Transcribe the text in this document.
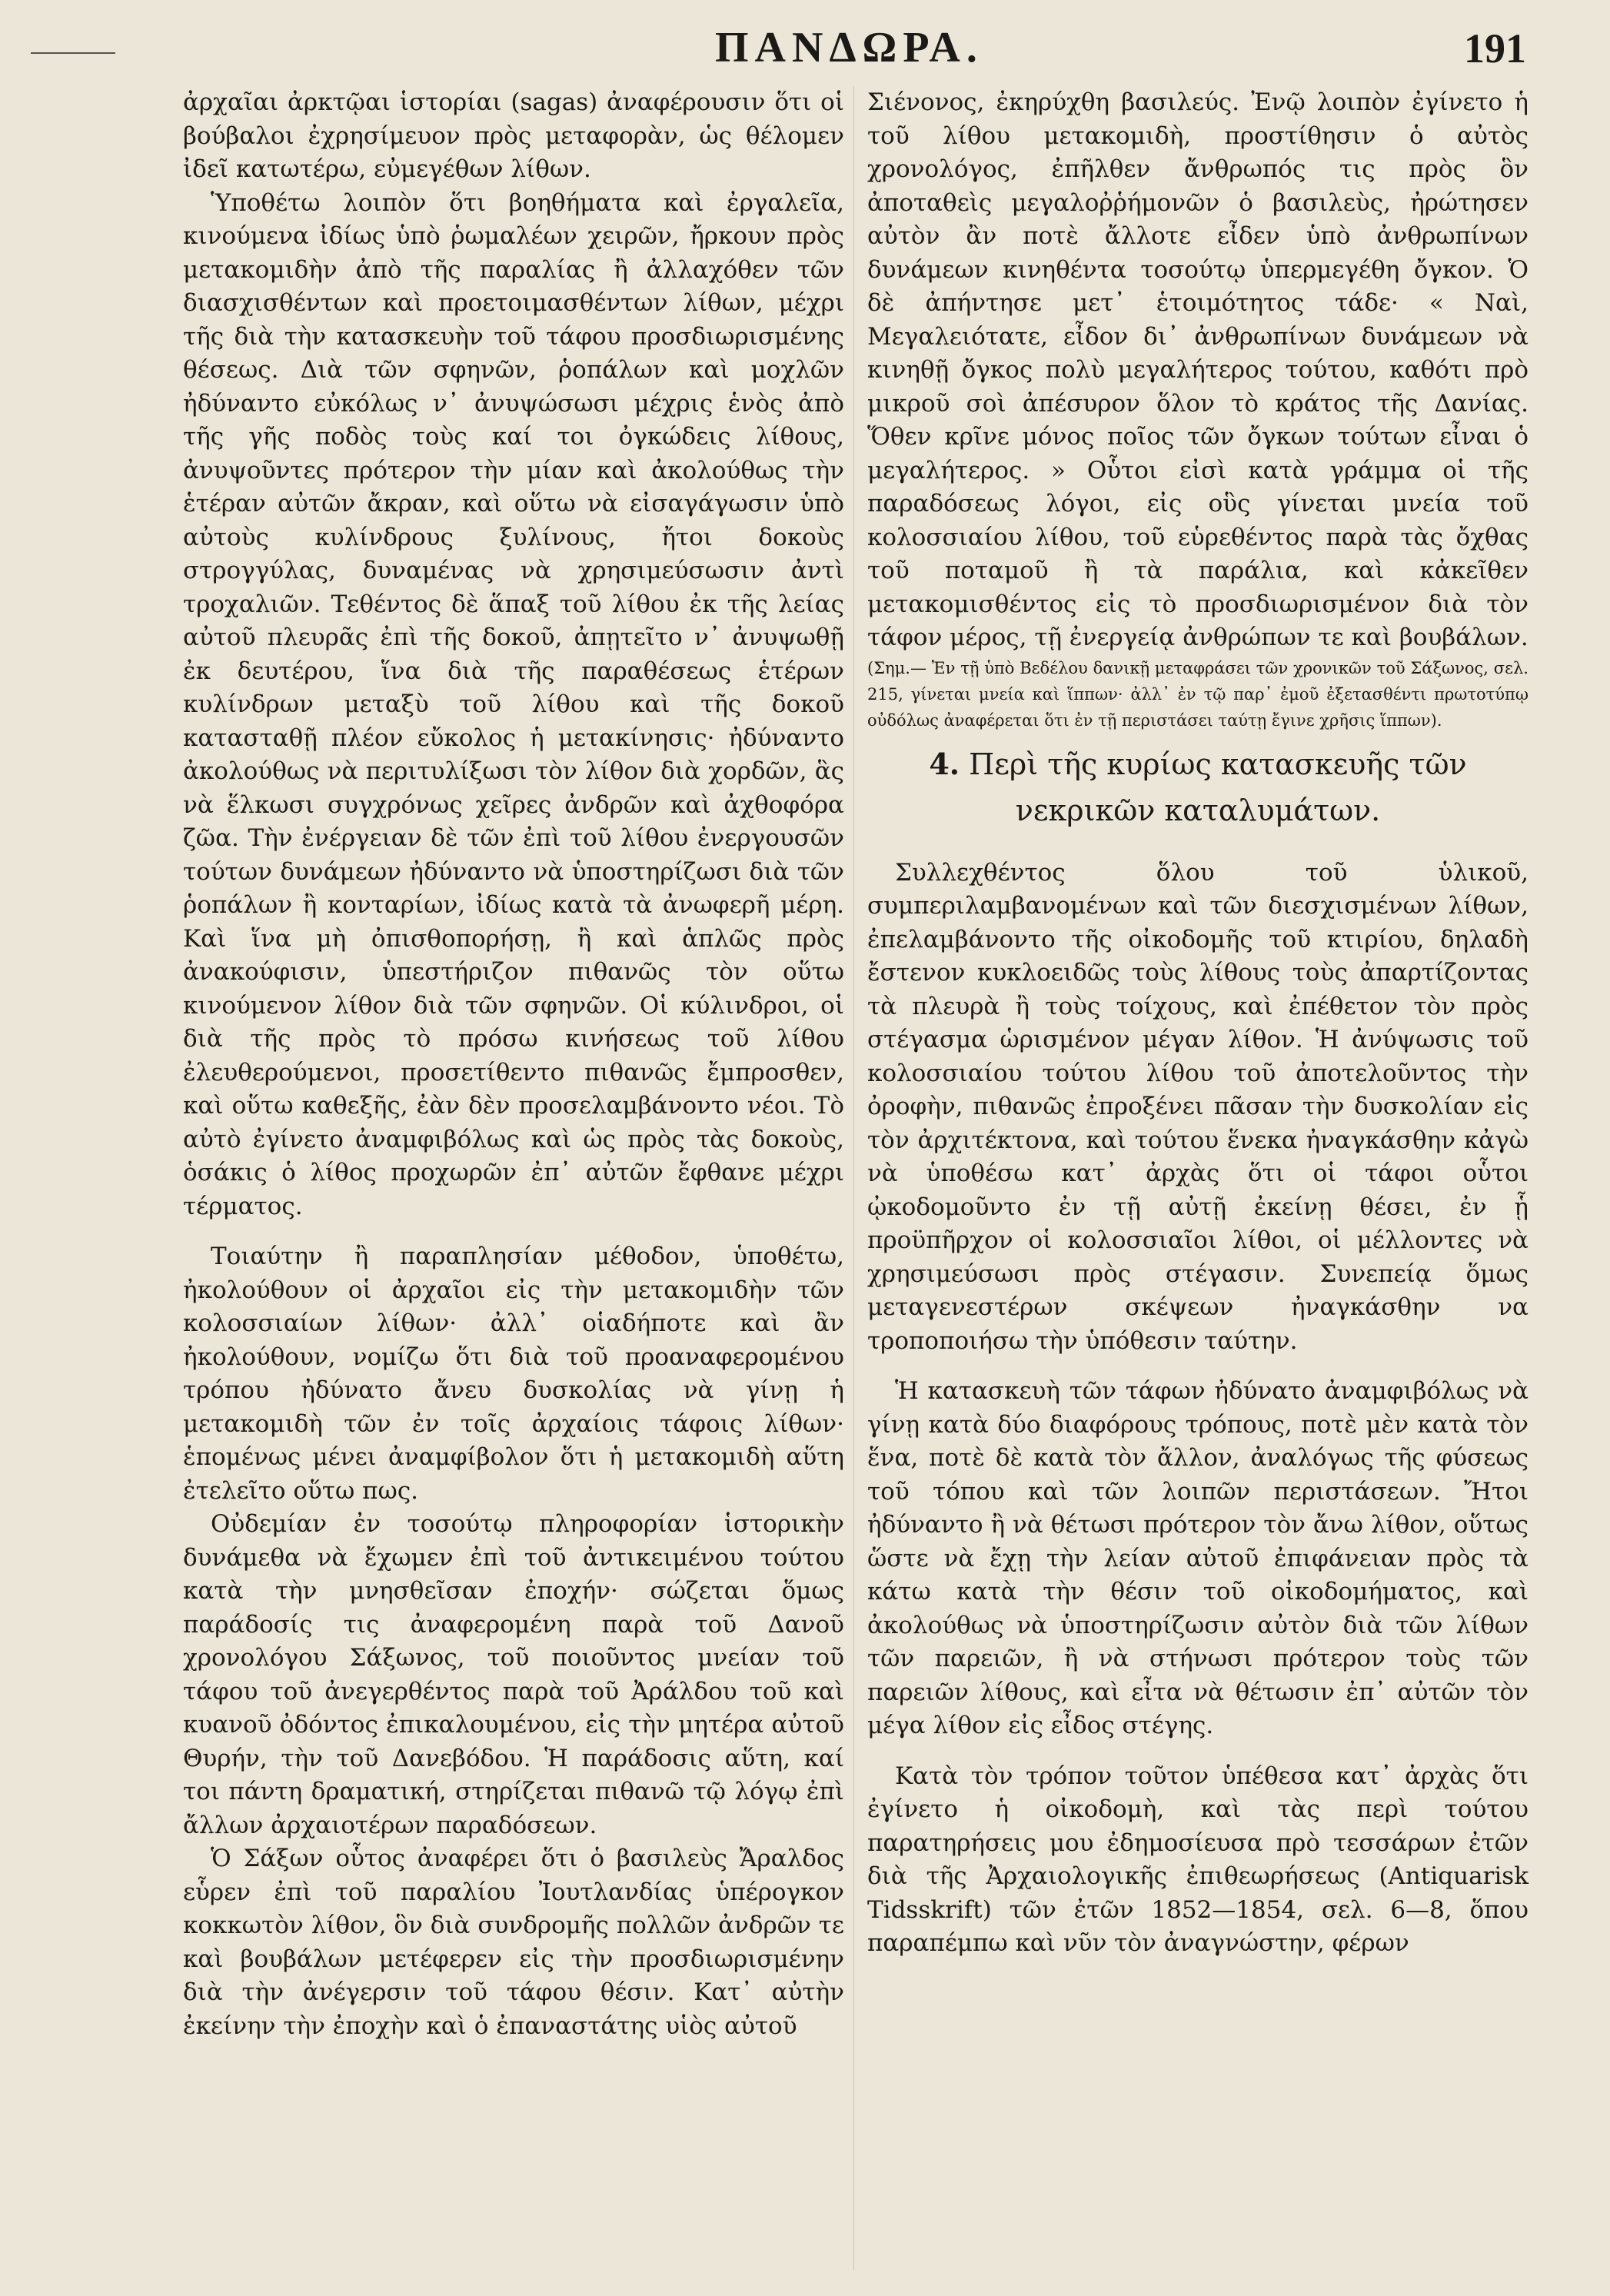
ΠΑΝΔΩΡΑ.	191

ἀρχαῖαι ἀρκτῷαι ἱστορίαι (sagas) ἀναφέρουσιν ὅτι οἱ βούβαλοι ἐχρησίμευον πρὸς μεταφορὰν, ὡς θέλομεν ἰδεῖ κατωτέρω, εὐμεγέθων λίθων.

Ὑποθέτω λοιπὸν ὅτι βοηθήματα καὶ ἐργαλεῖα, κινούμενα ἰδίως ὑπὸ ῥωμαλέων χειρῶν, ἤρκουν πρὸς μετακομιδὴν ἀπὸ τῆς παραλίας ἢ ἀλλαχόθεν τῶν διασχισθέντων καὶ προετοιμασθέντων λίθων, μέχρι τῆς διὰ τὴν κατασκευὴν τοῦ τάφου προσδιωρισμένης θέσεως. Διὰ τῶν σφηνῶν, ῥοπάλων καὶ μοχλῶν ἠδύναντο εὐκόλως ν᾽ ἀνυψώσωσι μέχρις ἑνὸς ἀπὸ τῆς γῆς ποδὸς τοὺς καί τοι ὀγκώδεις λίθους, ἀνυψοῦντες πρότερον τὴν μίαν καὶ ἀκολούθως τὴν ἑτέραν αὐτῶν ἄκραν, καὶ οὕτω νὰ εἰσαγάγωσιν ὑπὸ αὐτοὺς κυλίνδρους ξυλίνους, ἤτοι δοκοὺς στρογγύλας, δυναμένας νὰ χρησιμεύσωσιν ἀντὶ τροχαλιῶν. Τεθέντος δὲ ἅπαξ τοῦ λίθου ἐκ τῆς λείας αὐτοῦ πλευρᾶς ἐπὶ τῆς δοκοῦ, ἀπῃτεῖτο ν᾽ ἀνυψωθῇ ἐκ δευτέρου, ἵνα διὰ τῆς παραθέσεως ἑτέρων κυλίνδρων μεταξὺ τοῦ λίθου καὶ τῆς δοκοῦ κατασταθῇ πλέον εὔκολος ἡ μετακίνησις· ἠδύναντο ἀκολούθως νὰ περιτυλίξωσι τὸν λίθον διὰ χορδῶν, ἃς νὰ ἕλκωσι συγχρόνως χεῖρες ἀνδρῶν καὶ ἀχθοφόρα ζῶα. Τὴν ἐνέργειαν δὲ τῶν ἐπὶ τοῦ λίθου ἐνεργουσῶν τούτων δυνάμεων ἠδύναντο νὰ ὑποστηρίζωσι διὰ τῶν ῥοπάλων ἢ κονταρίων, ἰδίως κατὰ τὰ ἀνωφερῆ μέρη. Καὶ ἵνα μὴ ὀπισθοπορήσῃ, ἢ καὶ ἁπλῶς πρὸς ἀνακούφισιν, ὑπεστήριζον πιθανῶς τὸν οὕτω κινούμενον λίθον διὰ τῶν σφηνῶν. Οἱ κύλινδροι, οἱ διὰ τῆς πρὸς τὸ πρόσω κινήσεως τοῦ λίθου ἐλευθερούμενοι, προσετίθεντο πιθανῶς ἔμπροσθεν, καὶ οὕτω καθεξῆς, ἐὰν δὲν προσελαμβάνοντο νέοι. Τὸ αὐτὸ ἐγίνετο ἀναμφιβόλως καὶ ὡς πρὸς τὰς δοκοὺς, ὁσάκις ὁ λίθος προχωρῶν ἐπ᾽ αὐτῶν ἔφθανε μέχρι τέρματος.

Τοιαύτην ἢ παραπλησίαν μέθοδον, ὑποθέτω, ἠκολούθουν οἱ ἀρχαῖοι εἰς τὴν μετακομιδὴν τῶν κολοσσιαίων λίθων· ἀλλ᾽ οἱαδήποτε καὶ ἂν ἠκολούθουν, νομίζω ὅτι διὰ τοῦ προαναφερομένου τρόπου ἠδύνατο ἄνευ δυσκολίας νὰ γίνῃ ἡ μετακομιδὴ τῶν ἐν τοῖς ἀρχαίοις τάφοις λίθων· ἑπομένως μένει ἀναμφίβολον ὅτι ἡ μετακομιδὴ αὕτη ἐτελεῖτο οὕτω πως.

Οὐδεμίαν ἐν τοσούτῳ πληροφορίαν ἱστορικὴν δυνάμεθα νὰ ἔχωμεν ἐπὶ τοῦ ἀντικειμένου τούτου κατὰ τὴν μνησθεῖσαν ἐποχήν· σώζεται ὅμως παράδοσίς τις ἀναφερομένη παρὰ τοῦ Δανοῦ χρονολόγου Σάξωνος, τοῦ ποιοῦντος μνείαν τοῦ τάφου τοῦ ἀνεγερθέντος παρὰ τοῦ Ἀράλδου τοῦ καὶ κυανοῦ ὀδόντος ἐπικαλουμένου, εἰς τὴν μητέρα αὐτοῦ Θυρήν, τὴν τοῦ Δανεβόδου. Ἡ παράδοσις αὕτη, καί τοι πάντη δραματική, στηρίζεται πιθανῶ τῷ λόγῳ ἐπὶ ἄλλων ἀρχαιοτέρων παραδόσεων.

Ὁ Σάξων οὗτος ἀναφέρει ὅτι ὁ βασιλεὺς Ἄραλδος εὗρεν ἐπὶ τοῦ παραλίου Ἰουτλανδίας ὑπέρογκον κοκκωτὸν λίθον, ὃν διὰ συνδρομῆς πολλῶν ἀνδρῶν τε καὶ βουβάλων μετέφερεν εἰς τὴν προσδιωρισμένην διὰ τὴν ἀνέγερσιν τοῦ τάφου θέσιν. Κατ᾽ αὐτὴν ἐκείνην τὴν ἐποχὴν καὶ ὁ ἐπαναστάτης υἱὸς αὐτοῦ

Σιένονος, ἐκηρύχθη βασιλεύς. Ἐνῷ λοιπὸν ἐγίνετο ἡ τοῦ λίθου μετακομιδὴ, προστίθησιν ὁ αὐτὸς χρονολόγος, ἐπῆλθεν ἄνθρωπός τις πρὸς ὃν ἀποταθεὶς μεγαλοῤῥήμονῶν ὁ βασιλεὺς, ἠρώτησεν αὐτὸν ἂν ποτὲ ἄλλοτε εἶδεν ὑπὸ ἀνθρωπίνων δυνάμεων κινηθέντα τοσούτῳ ὑπερμεγέθη ὄγκον. Ὁ δὲ ἀπήντησε μετ᾽ ἑτοιμότητος τάδε· « Ναὶ, Μεγαλειότατε, εἶδον δι᾽ ἀνθρωπίνων δυνάμεων νὰ κινηθῇ ὄγκος πολὺ μεγαλήτερος τούτου, καθότι πρὸ μικροῦ σοὶ ἀπέσυρον ὅλον τὸ κράτος τῆς Δανίας. Ὅθεν κρῖνε μόνος ποῖος τῶν ὄγκων τούτων εἶναι ὁ μεγαλήτερος. » Οὗτοι εἰσὶ κατὰ γράμμα οἱ τῆς παραδόσεως λόγοι, εἰς οὓς γίνεται μνεία τοῦ κολοσσιαίου λίθου, τοῦ εὑρεθέντος παρὰ τὰς ὄχθας τοῦ ποταμοῦ ἢ τὰ παράλια, καὶ κἀκεῖθεν μετακομισθέντος εἰς τὸ προσδιωρισμένον διὰ τὸν τάφον μέρος, τῇ ἐνεργείᾳ ἀνθρώπων τε καὶ βουβάλων.

(Σημ.— Ἐν τῇ ὑπὸ Βεδέλου δανικῇ μεταφράσει τῶν χρονικῶν τοῦ Σάξωνος, σελ. 215, γίνεται μνεία καὶ ἵππων· ἀλλ᾽ ἐν τῷ παρ᾽ ἐμοῦ ἐξετασθέντι πρωτοτύπῳ οὐδόλως ἀναφέρεται ὅτι ἐν τῇ περιστάσει ταύτῃ ἔγινε χρῆσις ἵππων).

4. Περὶ τῆς κυρίως κατασκευῆς τῶν νεκρικῶν καταλυμάτων.

Συλλεχθέντος ὅλου τοῦ ὑλικοῦ, συμπεριλαμβανομένων καὶ τῶν διεσχισμένων λίθων, ἐπελαμβάνοντο τῆς οἰκοδομῆς τοῦ κτιρίου, δηλαδὴ ἔστενον κυκλοειδῶς τοὺς λίθους τοὺς ἀπαρτίζοντας τὰ πλευρὰ ἢ τοὺς τοίχους, καὶ ἐπέθετον τὸν πρὸς στέγασμα ὡρισμένον μέγαν λίθον. Ἡ ἀνύψωσις τοῦ κολοσσιαίου τούτου λίθου τοῦ ἀποτελοῦντος τὴν ὀροφὴν, πιθανῶς ἐπροξένει πᾶσαν τὴν δυσκολίαν εἰς τὸν ἀρχιτέκτονα, καὶ τούτου ἕνεκα ἠναγκάσθην κἀγὼ νὰ ὑποθέσω κατ᾽ ἀρχὰς ὅτι οἱ τάφοι οὗτοι ᾠκοδομοῦντο ἐν τῇ αὐτῇ ἐκείνῃ θέσει, ἐν ᾗ προϋπῆρχον οἱ κολοσσιαῖοι λίθοι, οἱ μέλλοντες νὰ χρησιμεύσωσι πρὸς στέγασιν. Συνεπείᾳ ὅμως μεταγενεστέρων σκέψεων ἠναγκάσθην να τροποποιήσω τὴν ὑπόθεσιν ταύτην.

Ἡ κατασκευὴ τῶν τάφων ἠδύνατο ἀναμφιβόλως νὰ γίνῃ κατὰ δύο διαφόρους τρόπους, ποτὲ μὲν κατὰ τὸν ἕνα, ποτὲ δὲ κατὰ τὸν ἄλλον, ἀναλόγως τῆς φύσεως τοῦ τόπου καὶ τῶν λοιπῶν περιστάσεων. Ἤτοι ἠδύναντο ἢ νὰ θέτωσι πρότερον τὸν ἄνω λίθον, οὕτως ὥστε νὰ ἔχῃ τὴν λείαν αὐτοῦ ἐπιφάνειαν πρὸς τὰ κάτω κατὰ τὴν θέσιν τοῦ οἰκοδομήματος, καὶ ἀκολούθως νὰ ὑποστηρίζωσιν αὐτὸν διὰ τῶν λίθων τῶν παρειῶν, ἢ νὰ στήνωσι πρότερον τοὺς τῶν παρειῶν λίθους, καὶ εἶτα νὰ θέτωσιν ἐπ᾽ αὐτῶν τὸν μέγα λίθον εἰς εἶδος στέγης.

Κατὰ τὸν τρόπον τοῦτον ὑπέθεσα κατ᾽ ἀρχὰς ὅτι ἐγίνετο ἡ οἰκοδομὴ, καὶ τὰς περὶ τούτου παρατηρήσεις μου ἐδημοσίευσα πρὸ τεσσάρων ἐτῶν διὰ τῆς Ἀρχαιολογικῆς ἐπιθεωρήσεως (Antiquarisk Tidsskrift) τῶν ἐτῶν 1852—1854, σελ. 6—8, ὅπου παραπέμπω καὶ νῦν τὸν ἀναγνώστην, φέρων
